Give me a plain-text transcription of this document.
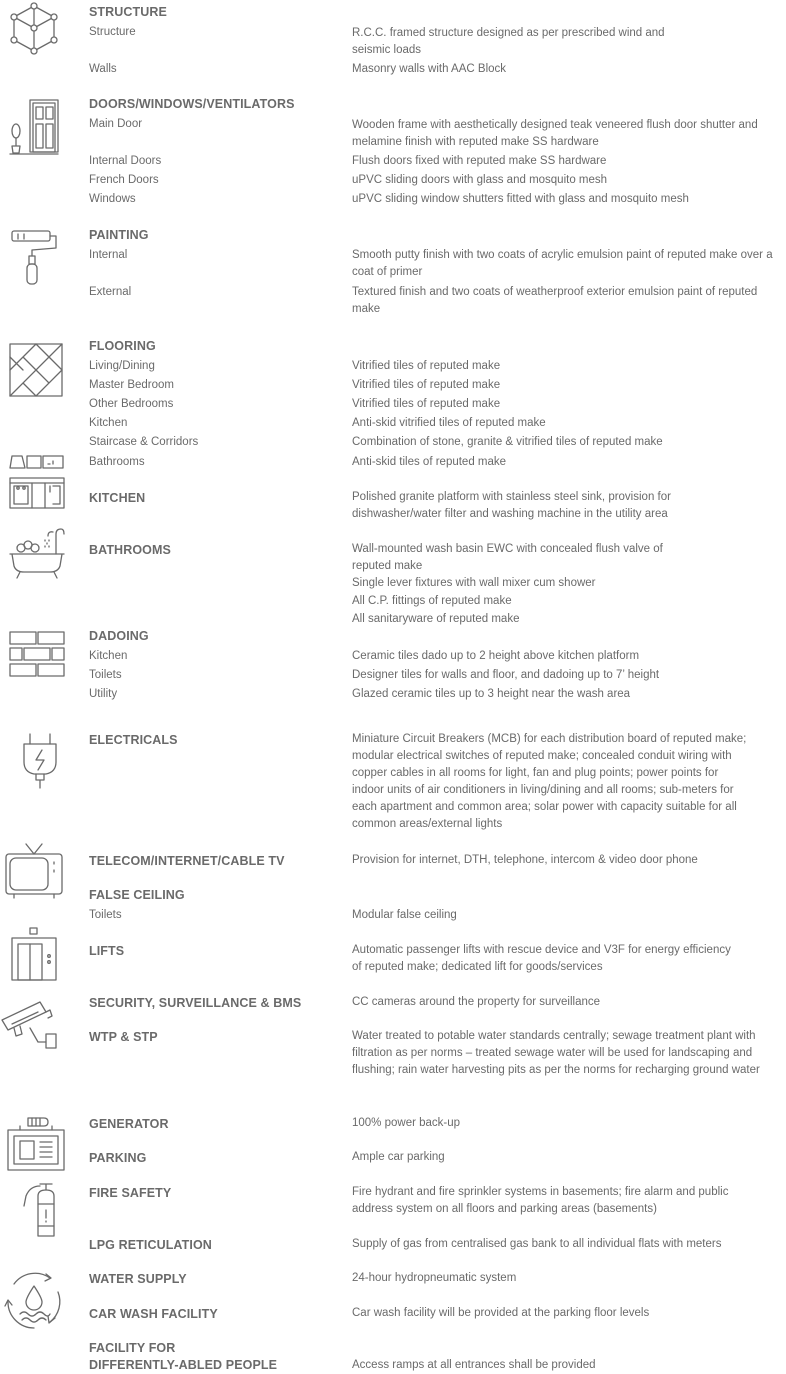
STRUCTURE
Structure	R.C.C. framed structure designed as per prescribed wind and seismic loads
Walls	Masonry walls with AAC Block
DOORS/WINDOWS/VENTILATORS
Main Door	Wooden frame with aesthetically designed teak veneered flush door shutter and melamine finish with reputed make SS hardware
Internal Doors	Flush doors fixed with reputed make SS hardware
French Doors	uPVC sliding doors with glass and mosquito mesh
Windows	uPVC sliding window shutters fitted with glass and mosquito mesh
PAINTING
Internal	Smooth putty finish with two coats of acrylic emulsion paint of reputed make over a coat of primer
External	Textured finish and two coats of weatherproof exterior emulsion paint of reputed make
FLOORING
Living/Dining	Vitrified tiles of reputed make
Master Bedroom	Vitrified tiles of reputed make
Other Bedrooms	Vitrified tiles of reputed make
Kitchen	Anti-skid vitrified tiles of reputed make
Staircase & Corridors	Combination of stone, granite & vitrified tiles of reputed make
Bathrooms	Anti-skid tiles of reputed make
KITCHEN	Polished granite platform with stainless steel sink, provision for dishwasher/water filter and washing machine in the utility area
BATHROOMS	Wall-mounted wash basin EWC with concealed flush valve of reputed make
Single lever fixtures with wall mixer cum shower
All C.P. fittings of reputed make
All sanitaryware of reputed make
DADOING
Kitchen	Ceramic tiles dado up to 2 height above kitchen platform
Toilets	Designer tiles for walls and floor, and dadoing up to 7’ height
Utility	Glazed ceramic tiles up to 3 height near the wash area
ELECTRICALS	Miniature Circuit Breakers (MCB) for each distribution board of reputed make; modular electrical switches of reputed make; concealed conduit wiring with copper cables in all rooms for light, fan and plug points; power points for indoor units of air conditioners in living/dining and all rooms; sub-meters for each apartment and common area; solar power with capacity suitable for all common areas/external lights
TELECOM/INTERNET/CABLE TV	Provision for internet, DTH, telephone, intercom & video door phone
FALSE CEILING
Toilets	Modular false ceiling
LIFTS	Automatic passenger lifts with rescue device and V3F for energy efficiency of reputed make; dedicated lift for goods/services
SECURITY, SURVEILLANCE & BMS	CC cameras around the property for surveillance
WTP & STP	Water treated to potable water standards centrally; sewage treatment plant with filtration as per norms – treated sewage water will be used for landscaping and flushing; rain water harvesting pits as per the norms for recharging ground water
GENERATOR	100% power back-up
PARKING	Ample car parking
FIRE SAFETY	Fire hydrant and fire sprinkler systems in basements; fire alarm and public address system on all floors and parking areas (basements)
LPG RETICULATION	Supply of gas from centralised gas bank to all individual flats with meters
WATER SUPPLY	24-hour hydropneumatic system
CAR WASH FACILITY	Car wash facility will be provided at the parking floor levels
FACILITY FOR
DIFFERENTLY-ABLED PEOPLE	Access ramps at all entrances shall be provided
